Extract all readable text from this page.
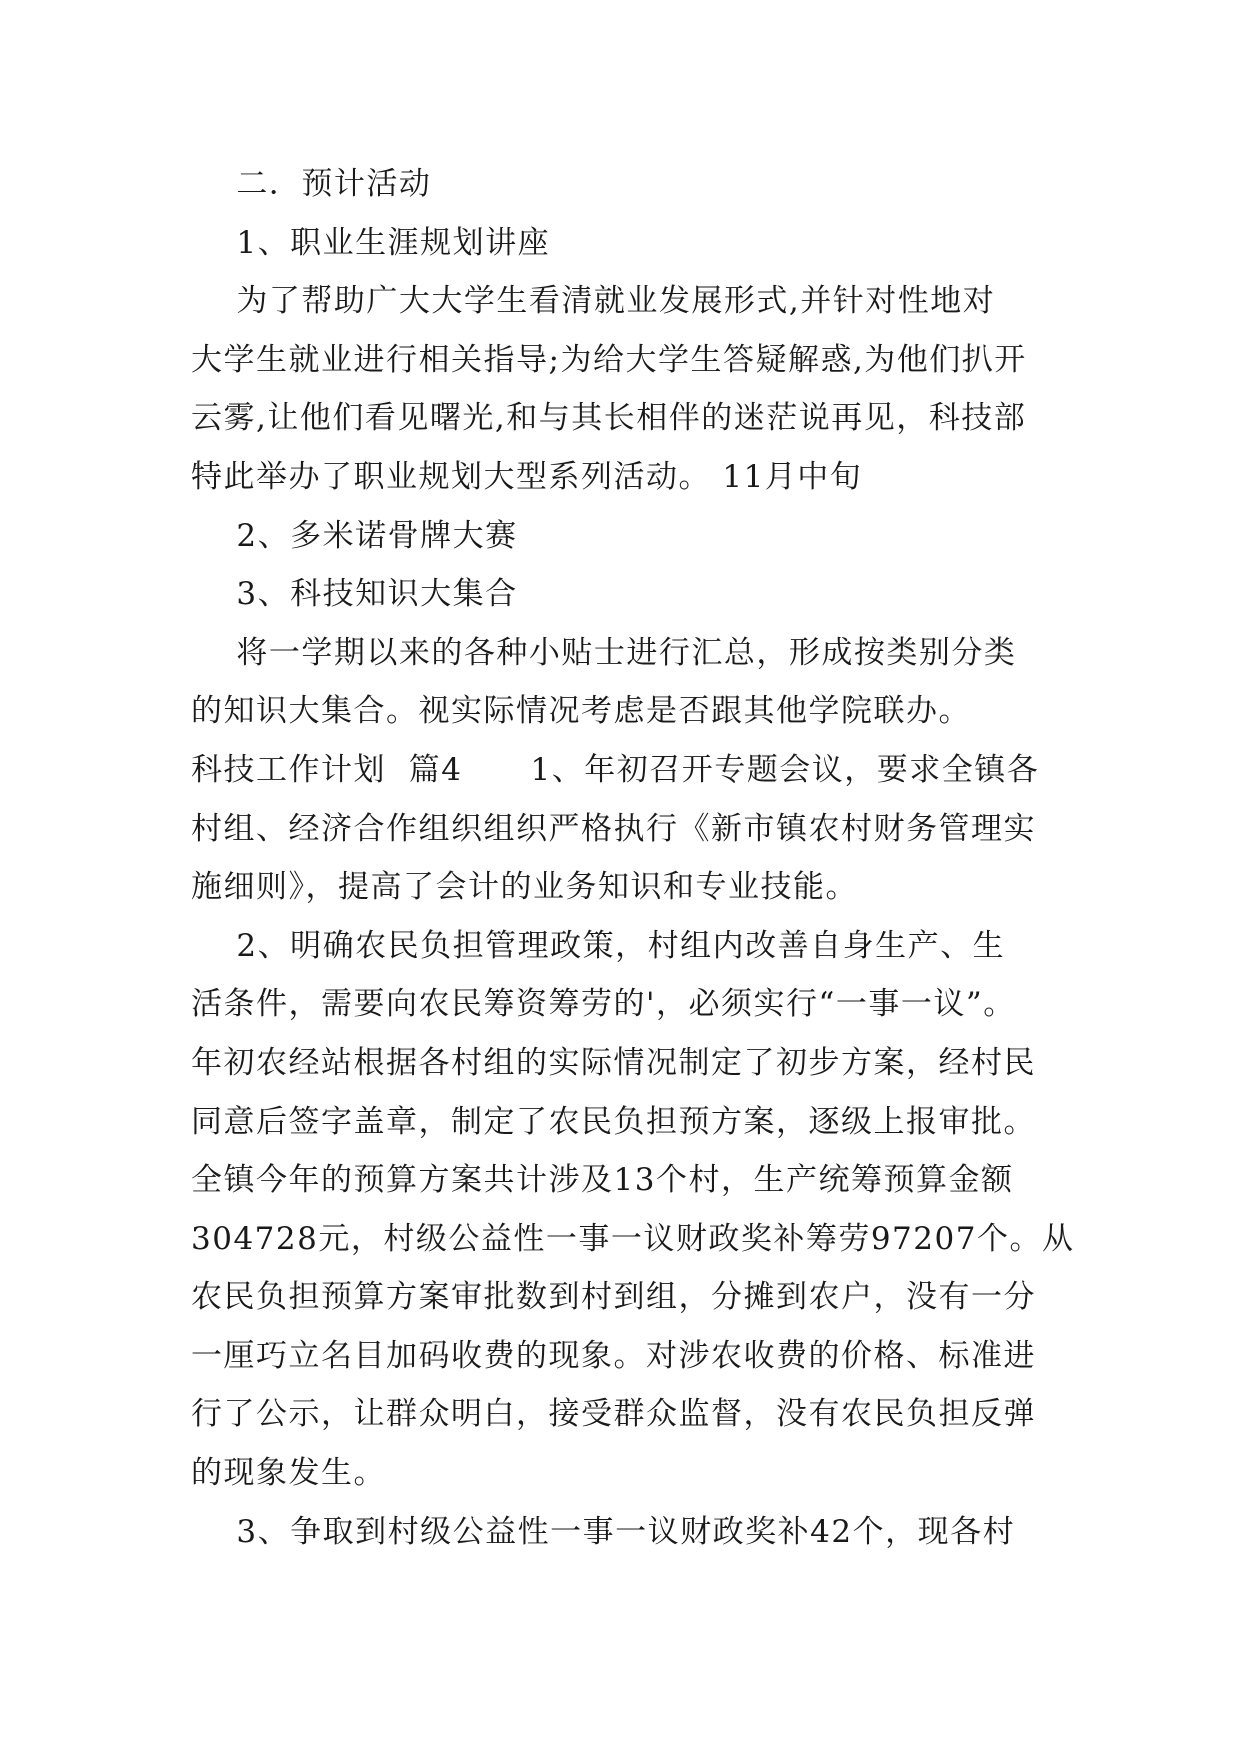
二．预计活动
1、职业生涯规划讲座
为了帮助广大大学生看清就业发展形式,并针对性地对
大学生就业进行相关指导;为给大学生答疑解惑,为他们扒开
云雾,让他们看见曙光,和与其长相伴的迷茫说再见，科技部
特此举办了职业规划大型系列活动。 11月中旬
2、多米诺骨牌大赛
3、科技知识大集合
将一学期以来的各种小贴士进行汇总，形成按类别分类
的知识大集合。视实际情况考虑是否跟其他学院联办。
科技工作计划  篇4      1、年初召开专题会议，要求全镇各
村组、经济合作组织组织严格执行《新市镇农村财务管理实
施细则》，提高了会计的业务知识和专业技能。
2、明确农民负担管理政策，村组内改善自身生产、生
活条件，需要向农民筹资筹劳的'，必须实行“一事一议”。
年初农经站根据各村组的实际情况制定了初步方案，经村民
同意后签字盖章，制定了农民负担预方案，逐级上报审批。
全镇今年的预算方案共计涉及13个村，生产统筹预算金额
304728元，村级公益性一事一议财政奖补筹劳97207个。从
农民负担预算方案审批数到村到组，分摊到农户，没有一分
一厘巧立名目加码收费的现象。对涉农收费的价格、标准进
行了公示，让群众明白，接受群众监督，没有农民负担反弹
的现象发生。
3、争取到村级公益性一事一议财政奖补42个，现各村
